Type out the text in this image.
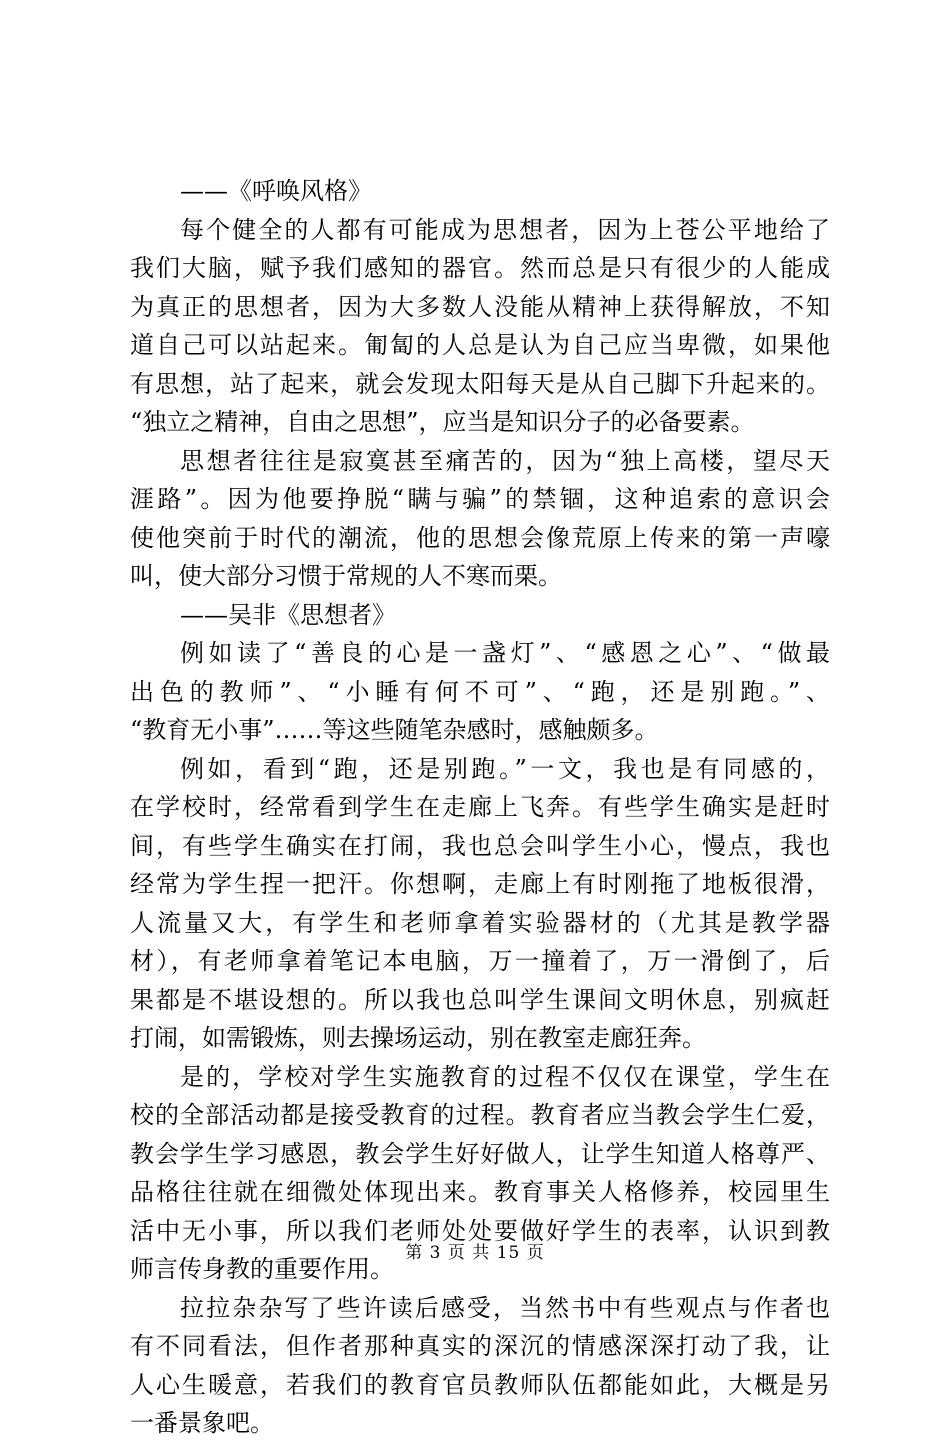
——《呼唤风格》
每个健全的人都有可能成为思想者，因为上苍公平地给了
我们大脑，赋予我们感知的器官。然而总是只有很少的人能成
为真正的思想者，因为大多数人没能从精神上获得解放，不知
道自己可以站起来。匍匐的人总是认为自己应当卑微，如果他
有思想，站了起来，就会发现太阳每天是从自己脚下升起来的。
“独立之精神，自由之思想”，应当是知识分子的必备要素。
思想者往往是寂寞甚至痛苦的，因为“独上高楼，望尽天
涯路”。因为他要挣脱“瞒与骗”的禁锢，这种追索的意识会
使他突前于时代的潮流，他的思想会像荒原上传来的第一声嚎
叫，使大部分习惯于常规的人不寒而栗。
——吴非《思想者》
例如读了“善良的心是一盏灯”、“感恩之心”、“做最
出色的教师”、“小睡有何不可”、“跑，还是别跑。”、
“教育无小事”……等这些随笔杂感时，感触颇多。
例如，看到“跑，还是别跑。”一文，我也是有同感的，
在学校时，经常看到学生在走廊上飞奔。有些学生确实是赶时
间，有些学生确实在打闹，我也总会叫学生小心，慢点，我也
经常为学生捏一把汗。你想啊，走廊上有时刚拖了地板很滑，
人流量又大，有学生和老师拿着实验器材的（尤其是教学器
材），有老师拿着笔记本电脑，万一撞着了，万一滑倒了，后
果都是不堪设想的。所以我也总叫学生课间文明休息，别疯赶
打闹，如需锻炼，则去操场运动，别在教室走廊狂奔。
是的，学校对学生实施教育的过程不仅仅在课堂，学生在
校的全部活动都是接受教育的过程。教育者应当教会学生仁爱，
教会学生学习感恩，教会学生好好做人，让学生知道人格尊严、
品格往往就在细微处体现出来。教育事关人格修养，校园里生
活中无小事，所以我们老师处处要做好学生的表率，认识到教
师言传身教的重要作用。
拉拉杂杂写了些许读后感受，当然书中有些观点与作者也
有不同看法，但作者那种真实的深沉的情感深深打动了我，让
人心生暖意，若我们的教育官员教师队伍都能如此，大概是另
一番景象吧。
第 3 页 共 15 页
